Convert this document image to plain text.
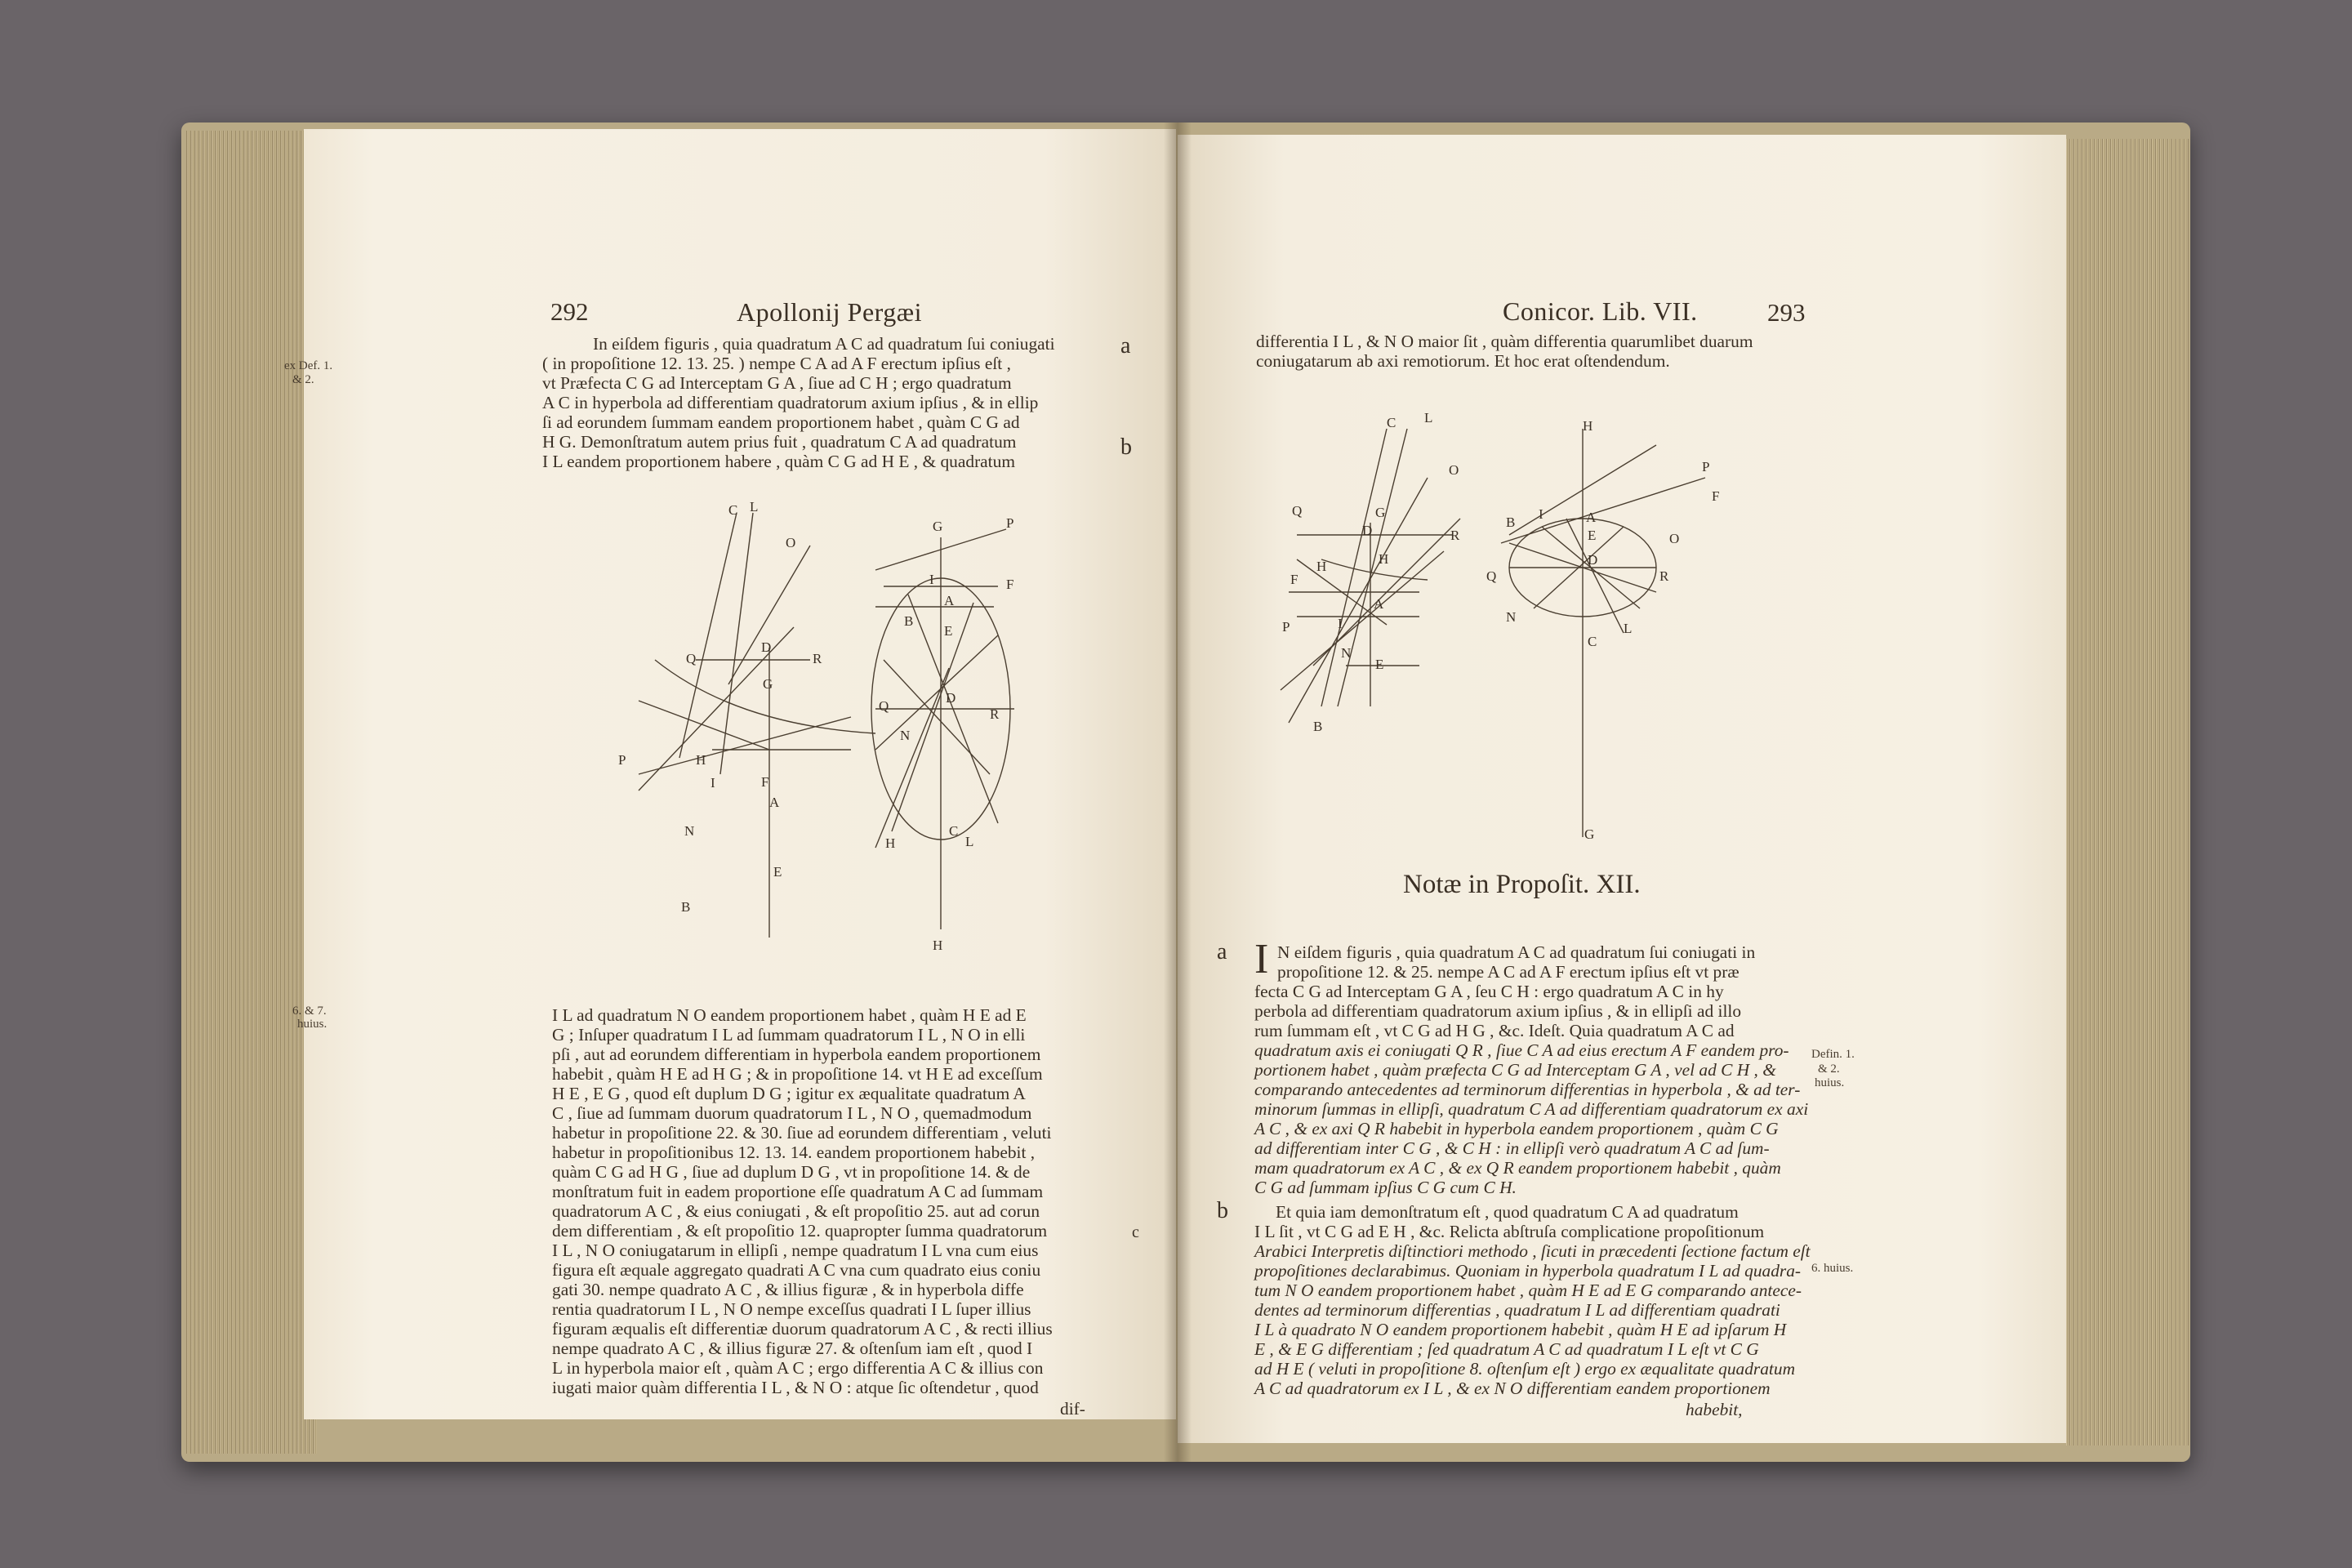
292	Apollonij Pergæi
ex Def. 1.
& 2.
a
b
c
In eiſdem figuris , quia quadratum A C ad quadratum ſui coniugati
( in propoſitione 12. 13. 25. ) nempe C A ad A F erectum ipſius eſt ,
vt Præfecta C G ad Interceptam G A , ſiue ad C H ; ergo quadratum
A C in hyperbola ad differentiam quadratorum axium ipſius , & in ellip
ſi ad eorundem ſummam eandem proportionem habet , quàm C G ad
H G. Demonſtratum autem prius fuit , quadratum C A ad quadratum
I L eandem proportionem habere , quàm C G ad H E , & quadratum
C L
O
Q	R
D
G
P	H
I	F
A
N
E
B
G	P
I	F
A
B
E
Q
D
R
N
H
C
L
H
6. & 7.
huius.	I L ad quadratum N O eandem proportionem habet , quàm H E ad E
G ; Inſuper quadratum I L ad ſummam quadratorum I L , N O in elli
pſi , aut ad eorundem differentiam in hyperbola eandem proportionem
habebit , quàm H E ad H G ; & in propoſitione 14. vt H E ad exceſſum
H E , E G , quod eſt duplum D G ; igitur ex æqualitate quadratum A
C , ſiue ad ſummam duorum quadratorum I L , N O , quemadmodum
habetur in propoſitione 22. & 30. ſiue ad eorundem differentiam , veluti
habetur in propoſitionibus 12. 13. 14. eandem proportionem habebit ,
quàm C G ad H G , ſiue ad duplum D G , vt in propoſitione 14. & de
monſtratum fuit in eadem proportione eſſe quadratum A C ad ſummam
quadratorum A C , & eius coniugati , & eſt propoſitio 25. aut ad corun
dem differentiam , & eſt propoſitio 12. quapropter ſumma quadratorum
I L , N O coniugatarum in ellipſi , nempe quadratum I L vna cum eius
figura eſt æquale aggregato quadrati A C vna cum quadrato eius coniu
gati 30. nempe quadrato A C , & illius figuræ , & in hyperbola diffe
rentia quadratorum I L , N O nempe exceſſus quadrati I L ſuper illius
figuram æqualis eſt differentiæ duorum quadratorum A C , & recti illius
nempe quadrato A C , & illius figuræ 27. & oſtenſum iam eſt , quod I
L in hyperbola maior eſt , quàm A C ; ergo differentia A C & illius con
iugati maior quàm differentia I L , & N O : atque ſic oſtendetur , quod
dif-
Conicor. Lib. VII.	293
differentia I L , & N O maior ſit , quàm differentia quarumlibet duarum
coniugatarum ab axi remotiorum. Et hoc erat oſtendendum.
C L
O
Q
R
D
G
H
H
F
P	I
A
N
E
B
H
P
F
I	A
B
E
Q
D
O
R
N
C
L
G
Notæ in Propoſit. XII.
a I N eiſdem figuris , quia quadratum A C ad quadratum ſui coniugati in
propoſitione 12. & 25. nempe A C ad A F erectum ipſius eſt vt præ
fecta C G ad Interceptam G A , ſeu C H : ergo quadratum A C in hy
perbola ad differentiam quadratorum axium ipſius , & in ellipſi ad illo
rum ſummam eſt , vt C G ad H G , &c. Ideſt. Quia quadratum A C ad
quadratum axis ei coniugati Q R , ſiue C A ad eius erectum A F eandem pro-
portionem habet , quàm præfecta C G ad Interceptam G A , vel ad C H , &
comparando antecedentes ad terminorum differentias in hyperbola , & ad ter-
minorum ſummas in ellipſi, quadratum C A ad differentiam quadratorum ex axi
A C , & ex axi Q R habebit in hyperbola eandem proportionem , quàm C G
ad differentiam inter C G , & C H : in ellipſi verò quadratum A C ad ſum-
mam quadratorum ex A C , & ex Q R eandem proportionem habebit , quàm
C G ad ſummam ipſius C G cum C H.
Defin. 1.
& 2.
huius.
b	Et quia iam demonſtratum eſt , quod quadratum C A ad quadratum
I L ſit , vt C G ad E H , &c. Relicta abſtruſa complicatione propoſitionum
Arabici Interpretis diſtinctiori methodo , ſicuti in præcedenti ſectione factum eſt
propoſitiones declarabimus. Quoniam in hyperbola quadratum I L ad quadra-
tum N O eandem proportionem habet , quàm H E ad E G comparando antece-
dentes ad terminorum differentias , quadratum I L ad differentiam quadrati
I L à quadrato N O eandem proportionem habebit , quàm H E ad ipſarum H
E , & E G differentiam ; ſed quadratum A C ad quadratum I L eſt vt C G
ad H E ( veluti in propoſitione 8. oſtenſum eſt ) ergo ex æqualitate quadratum
A C ad quadratorum ex I L , & ex N O differentiam eandem proportionem
habebit,
6. huius.
